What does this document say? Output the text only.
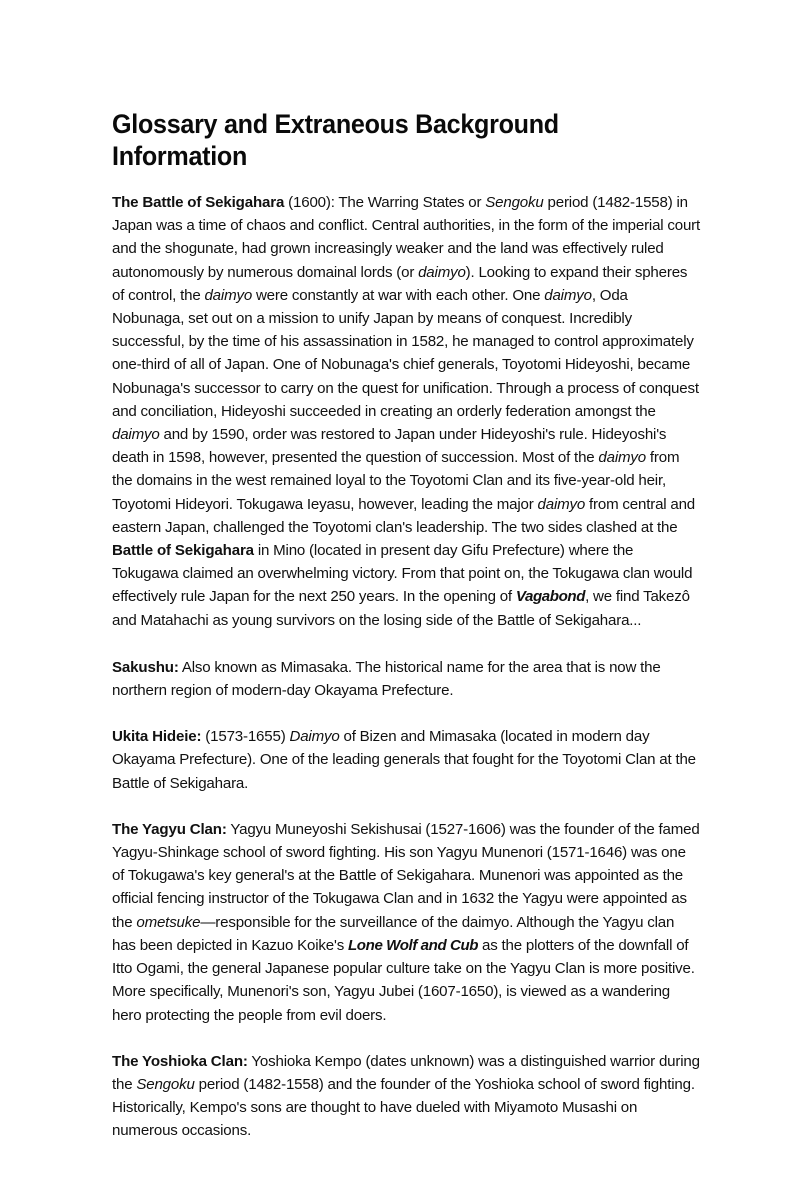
Glossary and Extraneous Background
Information

The Battle of Sekigahara (1600): The Warring States or Sengoku period (1482-1558) in Japan was a time of chaos and conflict. Central authorities, in the form of the imperial court and the shogunate, had grown increasingly weaker and the land was effectively ruled autonomously by numerous domainal lords (or daimyo). Looking to expand their spheres of control, the daimyo were constantly at war with each other. One daimyo, Oda Nobunaga, set out on a mission to unify Japan by means of conquest. Incredibly successful, by the time of his assassination in 1582, he managed to control approximately one-third of all of Japan. One of Nobunaga's chief generals, Toyotomi Hideyoshi, became Nobunaga's successor to carry on the quest for unification. Through a process of conquest and conciliation, Hideyoshi succeeded in creating an orderly federation amongst the daimyo and by 1590, order was restored to Japan under Hideyoshi's rule. Hideyoshi's death in 1598, however, presented the question of succession. Most of the daimyo from the domains in the west remained loyal to the Toyotomi Clan and its five-year-old heir, Toyotomi Hideyori. Tokugawa Ieyasu, however, leading the major daimyo from central and eastern Japan, challenged the Toyotomi clan's leadership. The two sides clashed at the Battle of Sekigahara in Mino (located in present day Gifu Prefecture) where the Tokugawa claimed an overwhelming victory. From that point on, the Tokugawa clan would effectively rule Japan for the next 250 years. In the opening of Vagabond, we find Takezô and Matahachi as young survivors on the losing side of the Battle of Sekigahara...

Sakushu: Also known as Mimasaka. The historical name for the area that is now the northern region of modern-day Okayama Prefecture.

Ukita Hideie: (1573-1655) Daimyo of Bizen and Mimasaka (located in modern day Okayama Prefecture). One of the leading generals that fought for the Toyotomi Clan at the Battle of Sekigahara.

The Yagyu Clan: Yagyu Muneyoshi Sekishusai (1527-1606) was the founder of the famed Yagyu-Shinkage school of sword fighting. His son Yagyu Munenori (1571-1646) was one of Tokugawa's key general's at the Battle of Sekigahara. Munenori was appointed as the official fencing instructor of the Tokugawa Clan and in 1632 the Yagyu were appointed as the ometsuke—responsible for the surveillance of the daimyo. Although the Yagyu clan has been depicted in Kazuo Koike's Lone Wolf and Cub as the plotters of the downfall of Itto Ogami, the general Japanese popular culture take on the Yagyu Clan is more positive. More specifically, Munenori's son, Yagyu Jubei (1607-1650), is viewed as a wandering hero protecting the people from evil doers.

The Yoshioka Clan: Yoshioka Kempo (dates unknown) was a distinguished warrior during the Sengoku period (1482-1558) and the founder of the Yoshioka school of sword fighting. Historically, Kempo's sons are thought to have dueled with Miyamoto Musashi on numerous occasions.
